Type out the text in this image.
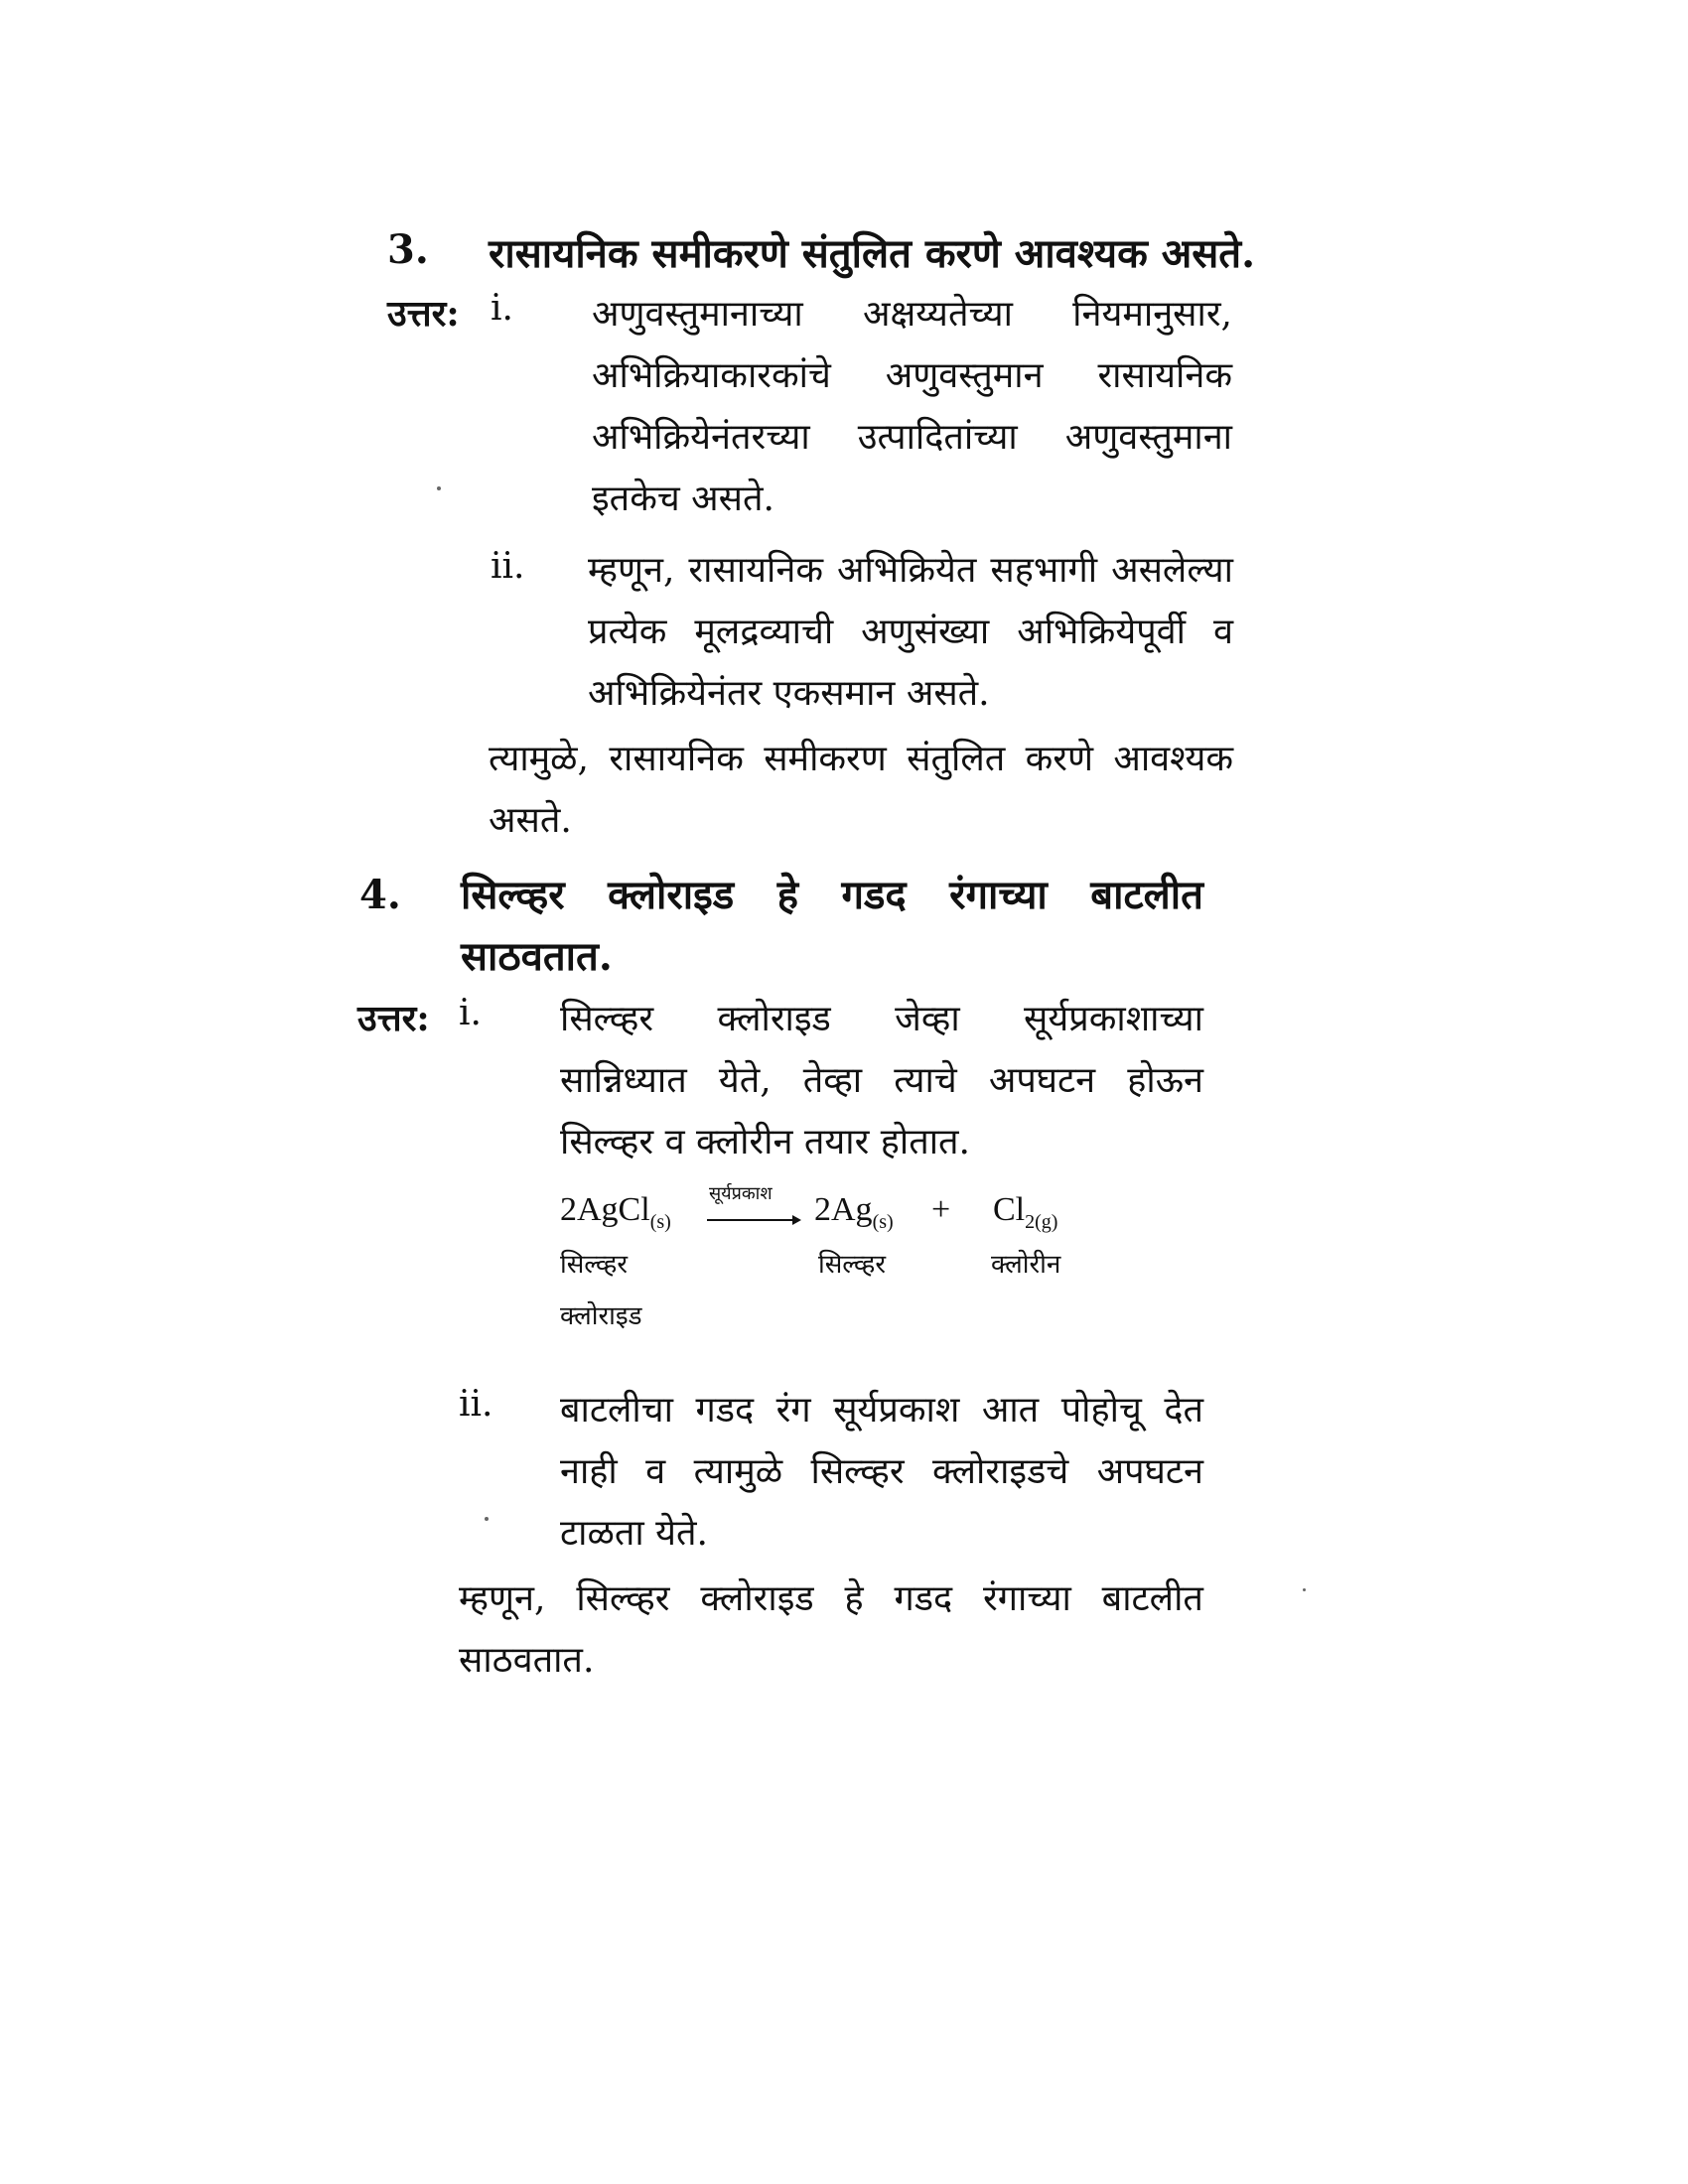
3. रासायनिक समीकरणे संतुलित करणे आवश्यक असते.
उत्तर: i. अणुवस्तुमानाच्या अक्षय्यतेच्या नियमानुसार,
अभिक्रियाकारकांचे अणुवस्तुमान रासायनिक
अभिक्रियेनंतरच्या उत्पादितांच्या अणुवस्तुमाना
इतकेच असते.
ii. म्हणून, रासायनिक अभिक्रियेत सहभागी असलेल्या
प्रत्येक मूलद्रव्याची अणुसंख्या अभिक्रियेपूर्वी व
अभिक्रियेनंतर एकसमान असते.
त्यामुळे, रासायनिक समीकरण संतुलित करणे आवश्यक
असते.
4. सिल्व्हर क्लोराइड हे गडद रंगाच्या बाटलीत
साठवतात.
उत्तर: i. सिल्व्हर क्लोराइड जेव्हा सूर्यप्रकाशाच्या
सान्निध्यात येते, तेव्हा त्याचे अपघटन होऊन
सिल्व्हर व क्लोरीन तयार होतात.
2AgCl$_{(s)}$
सूर्यप्रकाश $2Ag_{(s)} + Cl_{2(g)}$
सिल्व्हर	सिल्व्हर	क्लोरीन
क्लोराइड
ii. बाटलीचा गडद रंग सूर्यप्रकाश आत पोहोचू देत
नाही व त्यामुळे सिल्व्हर क्लोराइडचे अपघटन
टाळता येते.
म्हणून, सिल्व्हर क्लोराइड हे गडद रंगाच्या बाटलीत
साठवतात.
